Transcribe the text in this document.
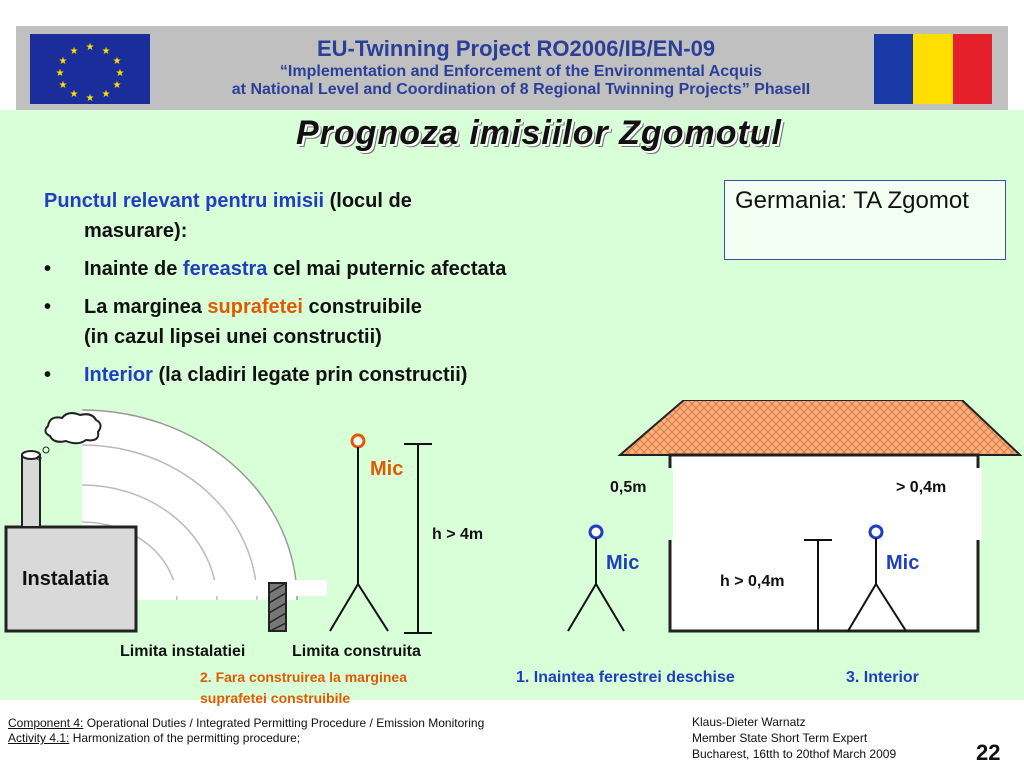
★ ★
★
★
★
★
★
★
★
★
★
★	EU-Twinning Project RO2006/IB/EN-09
“Implementation and Enforcement of the Environmental Acquis
at National Level and Coordination of 8 Regional Twinning Projects” PhaseII
Prognoza imisiilor Zgomotul
Punctul relevant pentru imisii (locul de
masurare):
•	Inainte de fereastra cel mai puternic afectata
•	La marginea suprafetei construibile
(in cazul lipsei unei constructii)
•	Interior (la cladiri legate prin constructii)
Germania: TA Zgomot
Instalatia
Mic
h > 4m
Limita instalatiei	Limita construita
2. Fara construirea la marginea
suprafetei construibile
0,5m	> 0,4m
Mic	Mic
h > 0,4m
1. Inaintea ferestrei deschise	3. Interior
Component 4: Operational Duties / Integrated Permitting Procedure / Emission Monitoring
Activity 4.1: Harmonization of the permitting procedure;
Klaus-Dieter Warnatz
Member State Short Term Expert
Bucharest, 16tth to 20thof March 2009	22
